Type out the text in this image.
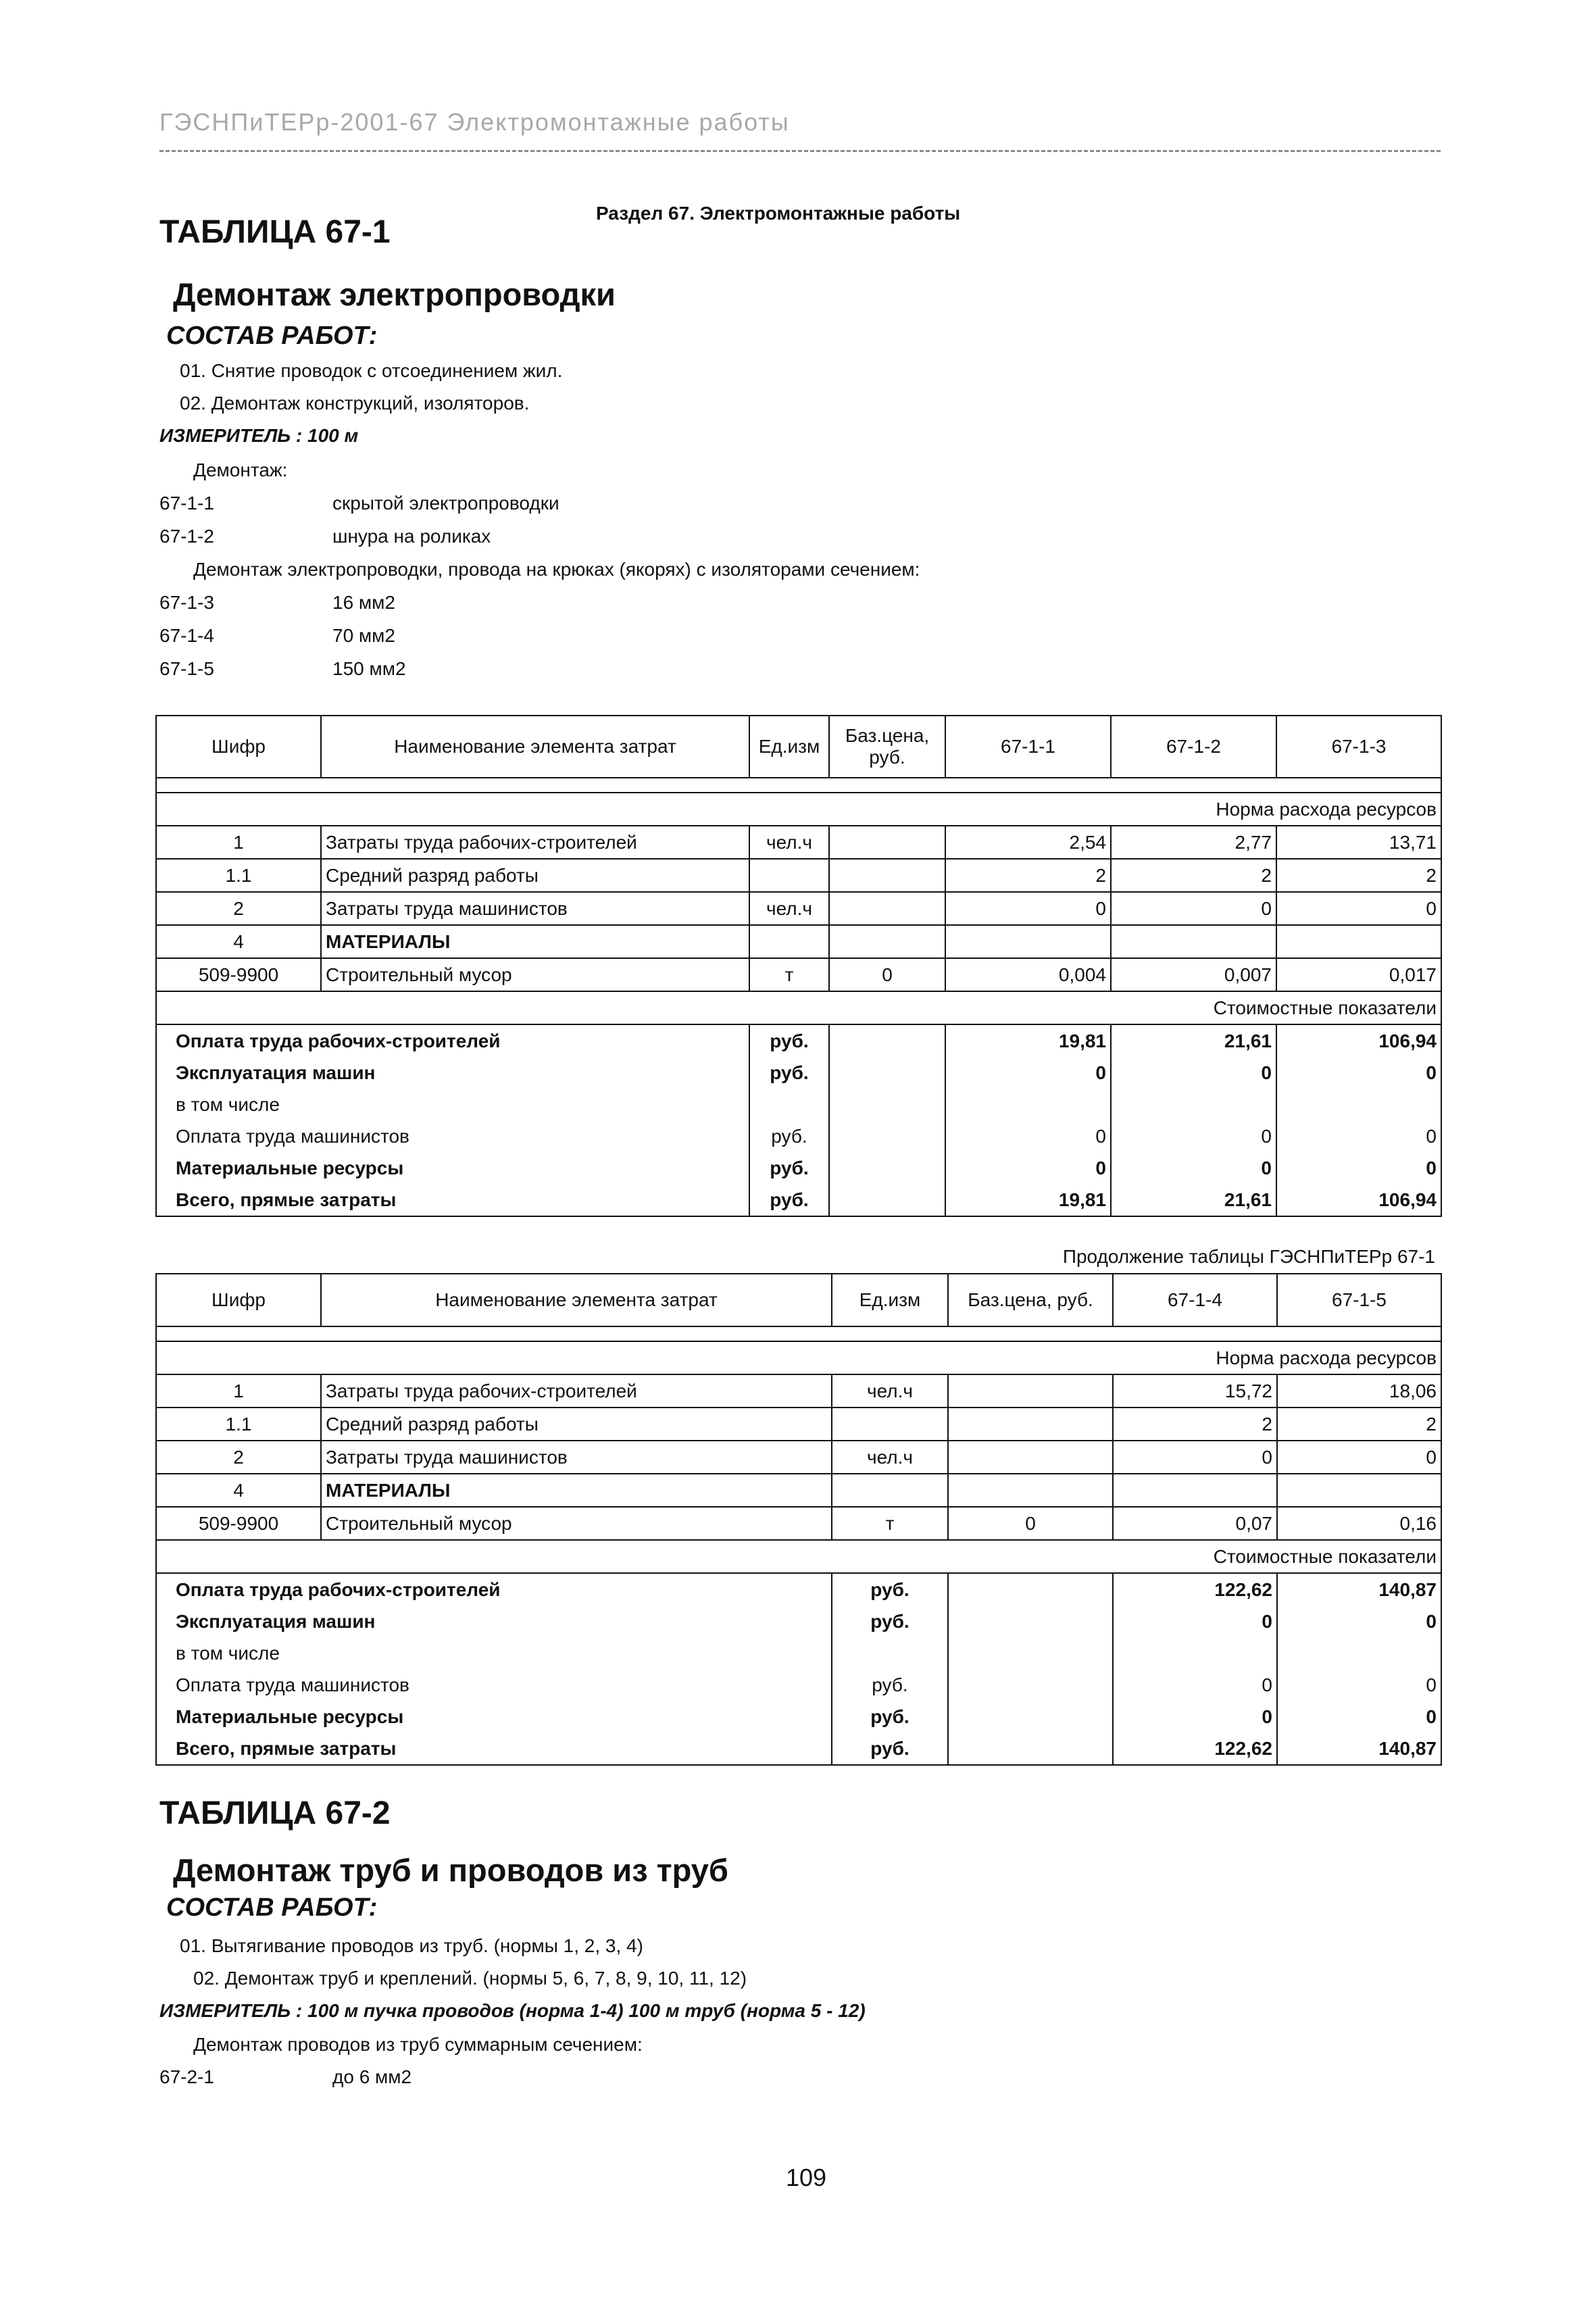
ГЭСНПиТЕРр-2001-67 Электромонтажные работы
Раздел 67. Электромонтажные работы
ТАБЛИЦА 67-1
Демонтаж электропроводки
СОСТАВ РАБОТ:
01. Снятие проводок с отсоединением жил.
02. Демонтаж конструкций, изоляторов.
ИЗМЕРИТЕЛЬ : 100 м
Демонтаж:
67-1-1	скрытой электропроводки
67-1-2	шнура на роликах
Демонтаж электропроводки, провода на крюках (якорях) с изоляторами сечением:
67-1-3	16 мм2
67-1-4	70 мм2
67-1-5	150 мм2
Шифр	Наименование элемента затрат	Ед.изм	Баз.цена, руб.	67-1-1	67-1-2	67-1-3

Норма расхода ресурсов						
1	Затраты труда рабочих-строителей	чел.ч		2,54	2,77	13,71
1.1	Средний разряд работы			2	2	2
2	Затраты труда машинистов	чел.ч		0	0	0
4	МАТЕРИАЛЫ					
509-9900	Строительный мусор	т	0	0,004	0,007	0,017
Стоимостные показатели						
Оплата труда рабочих-строителей		руб.		19,81	21,61	106,94
Эксплуатация машин		руб.		0	0	0
в том числе						
Оплата труда машинистов		руб.		0	0	0
Материальные ресурсы		руб.		0	0	0
Всего, прямые затраты		руб.		19,81	21,61	106,94
Продолжение таблицы ГЭСНПиТЕРр 67-1
Шифр	Наименование элемента затрат	Ед.изм	Баз.цена, руб.	67-1-4	67-1-5

Норма расхода ресурсов					
1	Затраты труда рабочих-строителей	чел.ч		15,72	18,06
1.1	Средний разряд работы			2	2
2	Затраты труда машинистов	чел.ч		0	0
4	МАТЕРИАЛЫ				
509-9900	Строительный мусор	т	0	0,07	0,16
Стоимостные показатели					
Оплата труда рабочих-строителей		руб.		122,62	140,87
Эксплуатация машин		руб.		0	0
в том числе					
Оплата труда машинистов		руб.		0	0
Материальные ресурсы		руб.		0	0
Всего, прямые затраты		руб.		122,62	140,87
ТАБЛИЦА 67-2
Демонтаж труб и проводов из труб
СОСТАВ РАБОТ:
01. Вытягивание проводов из труб. (нормы 1, 2, 3, 4)
02. Демонтаж труб и креплений. (нормы 5, 6, 7, 8, 9, 10, 11, 12)
ИЗМЕРИТЕЛЬ : 100 м пучка проводов (норма 1-4) 100 м труб (норма 5 - 12)
Демонтаж проводов из труб суммарным сечением:
67-2-1	до 6 мм2
109
